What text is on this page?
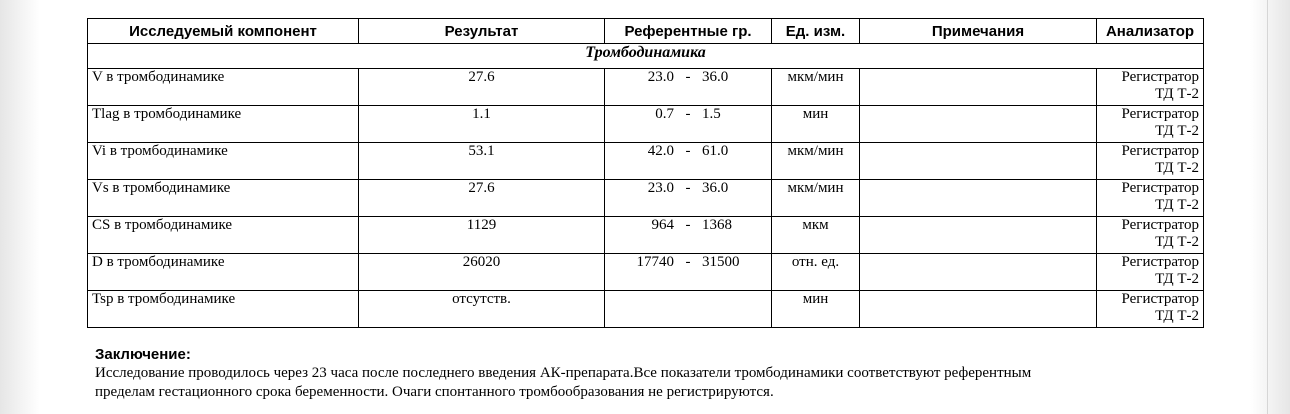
Исследуемый компонент	Результат	Референтные гр.	Ед. изм.	Примечания	Анализатор
Тромбодинамика					
V в тромбодинамике	27.6	23.0 - 36.0	мкм/мин		Регистратор
ТД Т-2

Tlag в тромбодинамике	1.1	0.7 - 1.5	мин		Регистратор
ТД Т-2

Vi в тромбодинамике	53.1	42.0 - 61.0	мкм/мин		Регистратор
ТД Т-2

Vs в тромбодинамике	27.6	23.0 - 36.0	мкм/мин		Регистратор
ТД Т-2

CS в тромбодинамике	1129	964 - 1368	мкм		Регистратор
ТД Т-2

D в тромбодинамике	26020	17740 - 31500	отн. ед.		Регистратор
ТД Т-2

Tsp в тромбодинамике	отсутств.		мин		Регистратор
ТД Т-2
Заключение:
Исследование проводилось через 23 часа после последнего введения АК-препарата.Все показатели тромбодинамики соответствуют референтным
пределам гестационного срока беременности. Очаги спонтанного тромбообразования не регистрируются.
